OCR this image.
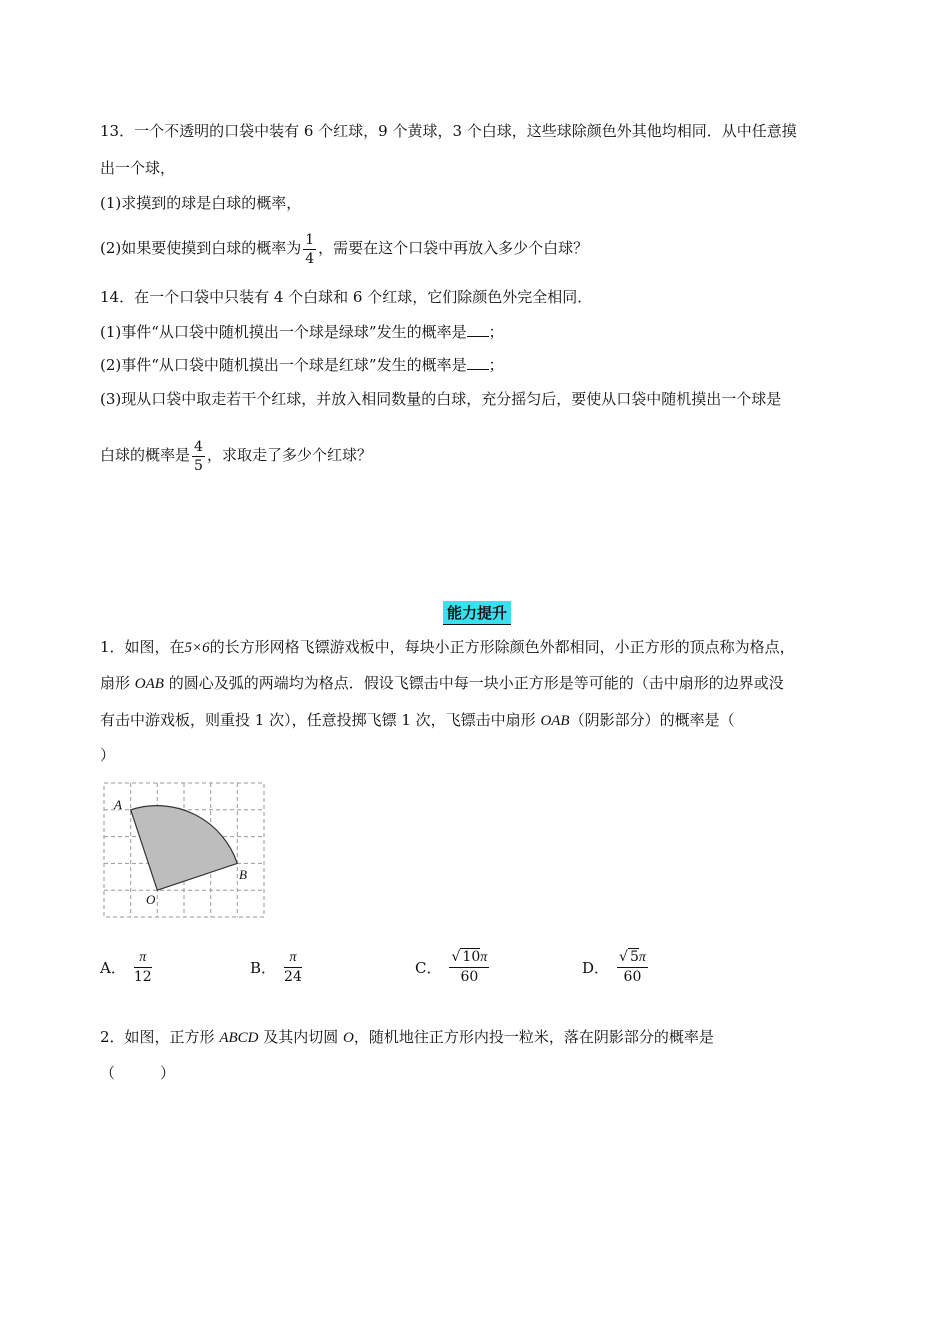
13．一个不透明的口袋中装有 6 个红球，9 个黄球，3 个白球，这些球除颜色外其他均相同．从中任意摸
出一个球，
(1)求摸到的球是白球的概率，
(2)如果要使摸到白球的概率为 $\frac{1}{4}$ ，需要在这个口袋中再放入多少个白球？
14．在一个口袋中只装有 4 个白球和 6 个红球，它们除颜色外完全相同．
(1)事件“从口袋中随机摸出一个球是绿球”发生的概率是 ；
(2)事件“从口袋中随机摸出一个球是红球”发生的概率是 ；
(3)现从口袋中取走若干个红球，并放入相同数量的白球，充分摇匀后，要使从口袋中随机摸出一个球是
白球的概率是 $\frac{4}{5}$ ，求取走了多少个红球？
能力提升
1．如图，在5×6的长方形网格飞镖游戏板中，每块小正方形除颜色外都相同，小正方形的顶点称为格点，
扇形 OAB 的圆心及弧的两端均为格点．假设飞镖击中每一块小正方形是等可能的（击中扇形的边界或没
有击中游戏板，则重投 1 次），任意投掷飞镖 1 次，飞镖击中扇形 OAB（阴影部分）的概率是（
）
A
B
O
A． $\frac{\pi}{12}$	B． $\frac{\pi}{24}$	C． $\frac{√ 10\pi}{60}$	D． $\frac{√ 5\pi}{60}$
2．如图，正方形 ABCD 及其内切圆 O，随机地往正方形内投一粒米，落在阴影部分的概率是
（　　　）
